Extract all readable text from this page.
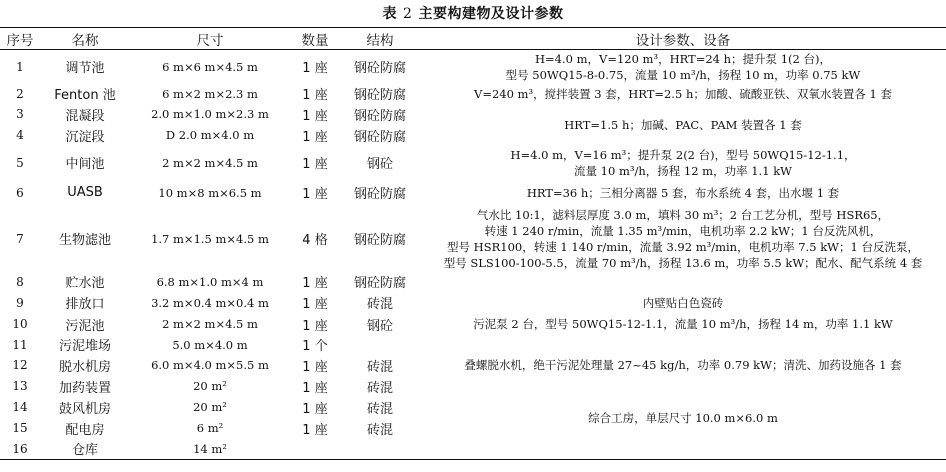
表 2 主要构建物及设计参数
序号	名称	尺寸	数量	结构	设计参数、设备
1	调节池	6 m×6 m×4.5 m	1 座	钢砼防腐	H=4.0 m，V=120 m³，HRT=24 h；提升泵 1(2 台)，
型号 50WQ15-8-0.75，流量 10 m³/h，扬程 10 m，功率 0.75 kW

2	Fenton 池	6 m×2 m×2.3 m	1 座	钢砼防腐	V=240 m³，搅拌装置 3 套，HRT=2.5 h；加酸、硫酸亚铁、双氧水装置各 1 套

3	混凝段	2.0 m×1.0 m×2.3 m	1 座	钢砼防腐	HRT=1.5 h；加碱、PAC、PAM 装置各 1 套

4	沉淀段	D 2.0 m×4.0 m	1 座	钢砼防腐	
5	中间池	2 m×2 m×4.5 m	1 座	钢砼	H=4.0 m，V=16 m³；提升泵 2(2 台)，型号 50WQ15-12-1.1，
流量 10 m³/h，扬程 12 m，功率 1.1 kW

6	UASB	10 m×8 m×6.5 m	1 座	钢砼防腐	HRT=36 h；三相分离器 5 套，布水系统 4 套，出水堰 1 套

7	生物滤池	1.7 m×1.5 m×4.5 m	4 格	钢砼防腐	气水比 10:1，滤料层厚度 3.0 m，填料 30 m³；2 台工艺分机，型号 HSR65，
转速 1 240 r/min，流量 1.35 m³/min，电机功率 2.2 kW；1 台反洗风机，
型号 HSR100，转速 1 140 r/min，流量 3.92 m³/min，电机功率 7.5 kW；1 台反洗泵，
型号 SLS100-100-5.5，流量 70 m³/h，扬程 13.6 m，功率 5.5 kW；配水、配气系统 4 套

8	贮水池	6.8 m×1.0 m×4 m	1 座	钢砼防腐	
9	排放口	3.2 m×0.4 m×0.4 m	1 座	砖混	内壁贴白色瓷砖

10	污泥池	2 m×2 m×4.5 m	1 座	钢砼	污泥泵 2 台，型号 50WQ15-12-1.1，流量 10 m³/h，扬程 14 m，功率 1.1 kW

11	污泥堆场	5.0 m×4.0 m	1 个		
12	脱水机房	6.0 m×4.0 m×5.5 m	1 座	砖混	叠螺脱水机，绝干污泥处理量 27~45 kg/h，功率 0.79 kW；清洗、加药设施各 1 套

13	加药装置	20 m²	1 座	砖混	
14	鼓风机房	20 m²	1 座	砖混	综合工房，单层尺寸 10.0 m×6.0 m

15	配电房	6 m²	1 座	砖混	
16	仓库	14 m²			
